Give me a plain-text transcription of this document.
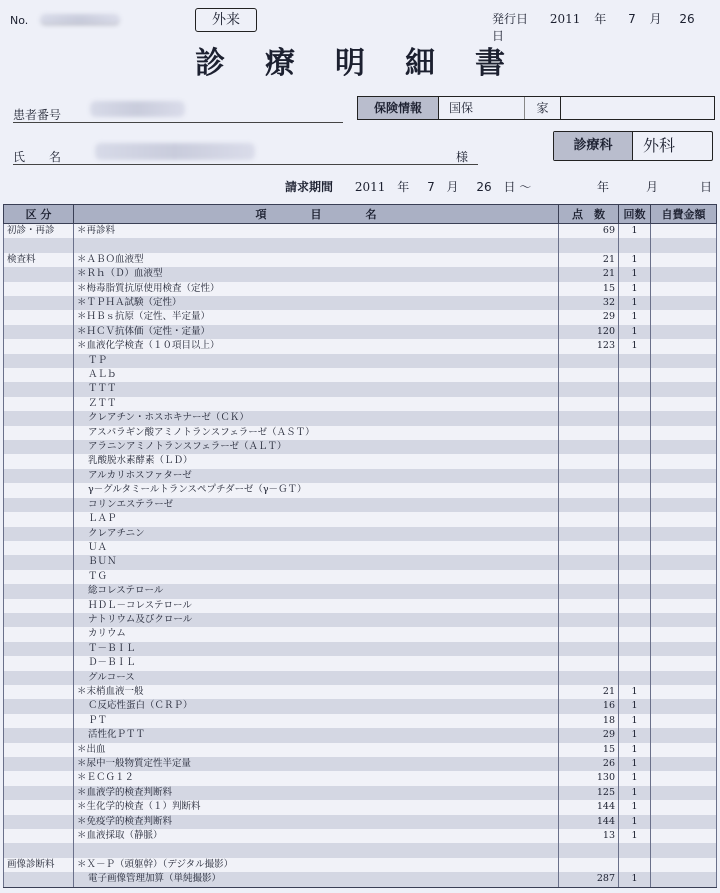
No.	外来	発行日 2011 年 7 月 26 日
診療明細書
患者番号	保険情報	国保	家
氏　　名	様
診療科	外科
請求期間 2011 年 7 月 26 日 ～	年	月	日
区 分	項　　　　目　　　　名	点　数	回数	自費金額
初診・再診	＊再診料	69	1	

検査料	＊ＡＢＯ血液型	21	1	
	＊Ｒｈ（Ｄ）血液型	21	1	
	＊梅毒脂質抗原使用検査（定性）	15	1	
	＊ＴＰＨＡ試験（定性）	32	1	
	＊ＨＢｓ抗原（定性、半定量）	29	1	
	＊ＨＣＶ抗体価（定性・定量）	120	1	
	＊血液化学検査（１０項目以上）	123	1	
	ＴＰ			
	ＡＬｂ			
	ＴＴＴ			
	ＺＴＴ			
	クレアチン・ホスホキナーゼ（ＣＫ）			
	アスパラギン酸アミノトランスフェラーゼ（ＡＳＴ）			
	アラニンアミノトランスフェラーゼ（ＡＬＴ）			
	乳酸脱水素酵素（ＬＤ）			
	アルカリホスファターゼ			
	γ－グルタミールトランスペプチダーゼ（γ－ＧＴ）			
	コリンエステラーゼ			
	ＬＡＰ			
	クレアチニン			
	ＵＡ			
	ＢＵＮ			
	ＴＧ			
	総コレステロール			
	ＨＤＬ－コレステロール			
	ナトリウム及びクロール			
	カリウム			
	Ｔ－ＢＩＬ			
	Ｄ－ＢＩＬ			
	グルコース			
	＊末梢血液一般	21	1	
	Ｃ反応性蛋白（ＣＲＰ）	16	1	
	ＰＴ	18	1	
	活性化ＰＴＴ	29	1	
	＊出血	15	1	
	＊尿中一般物質定性半定量	26	1	
	＊ＥＣＧ１２	130	1	
	＊血液学的検査判断料	125	1	
	＊生化学的検査（１）判断料	144	1	
	＊免疫学的検査判断料	144	1	
	＊血液採取（静脈）	13	1	

画像診断料	＊Ｘ－Ｐ（頭躯幹）（デジタル撮影）			
	電子画像管理加算（単純撮影）	287	1	
